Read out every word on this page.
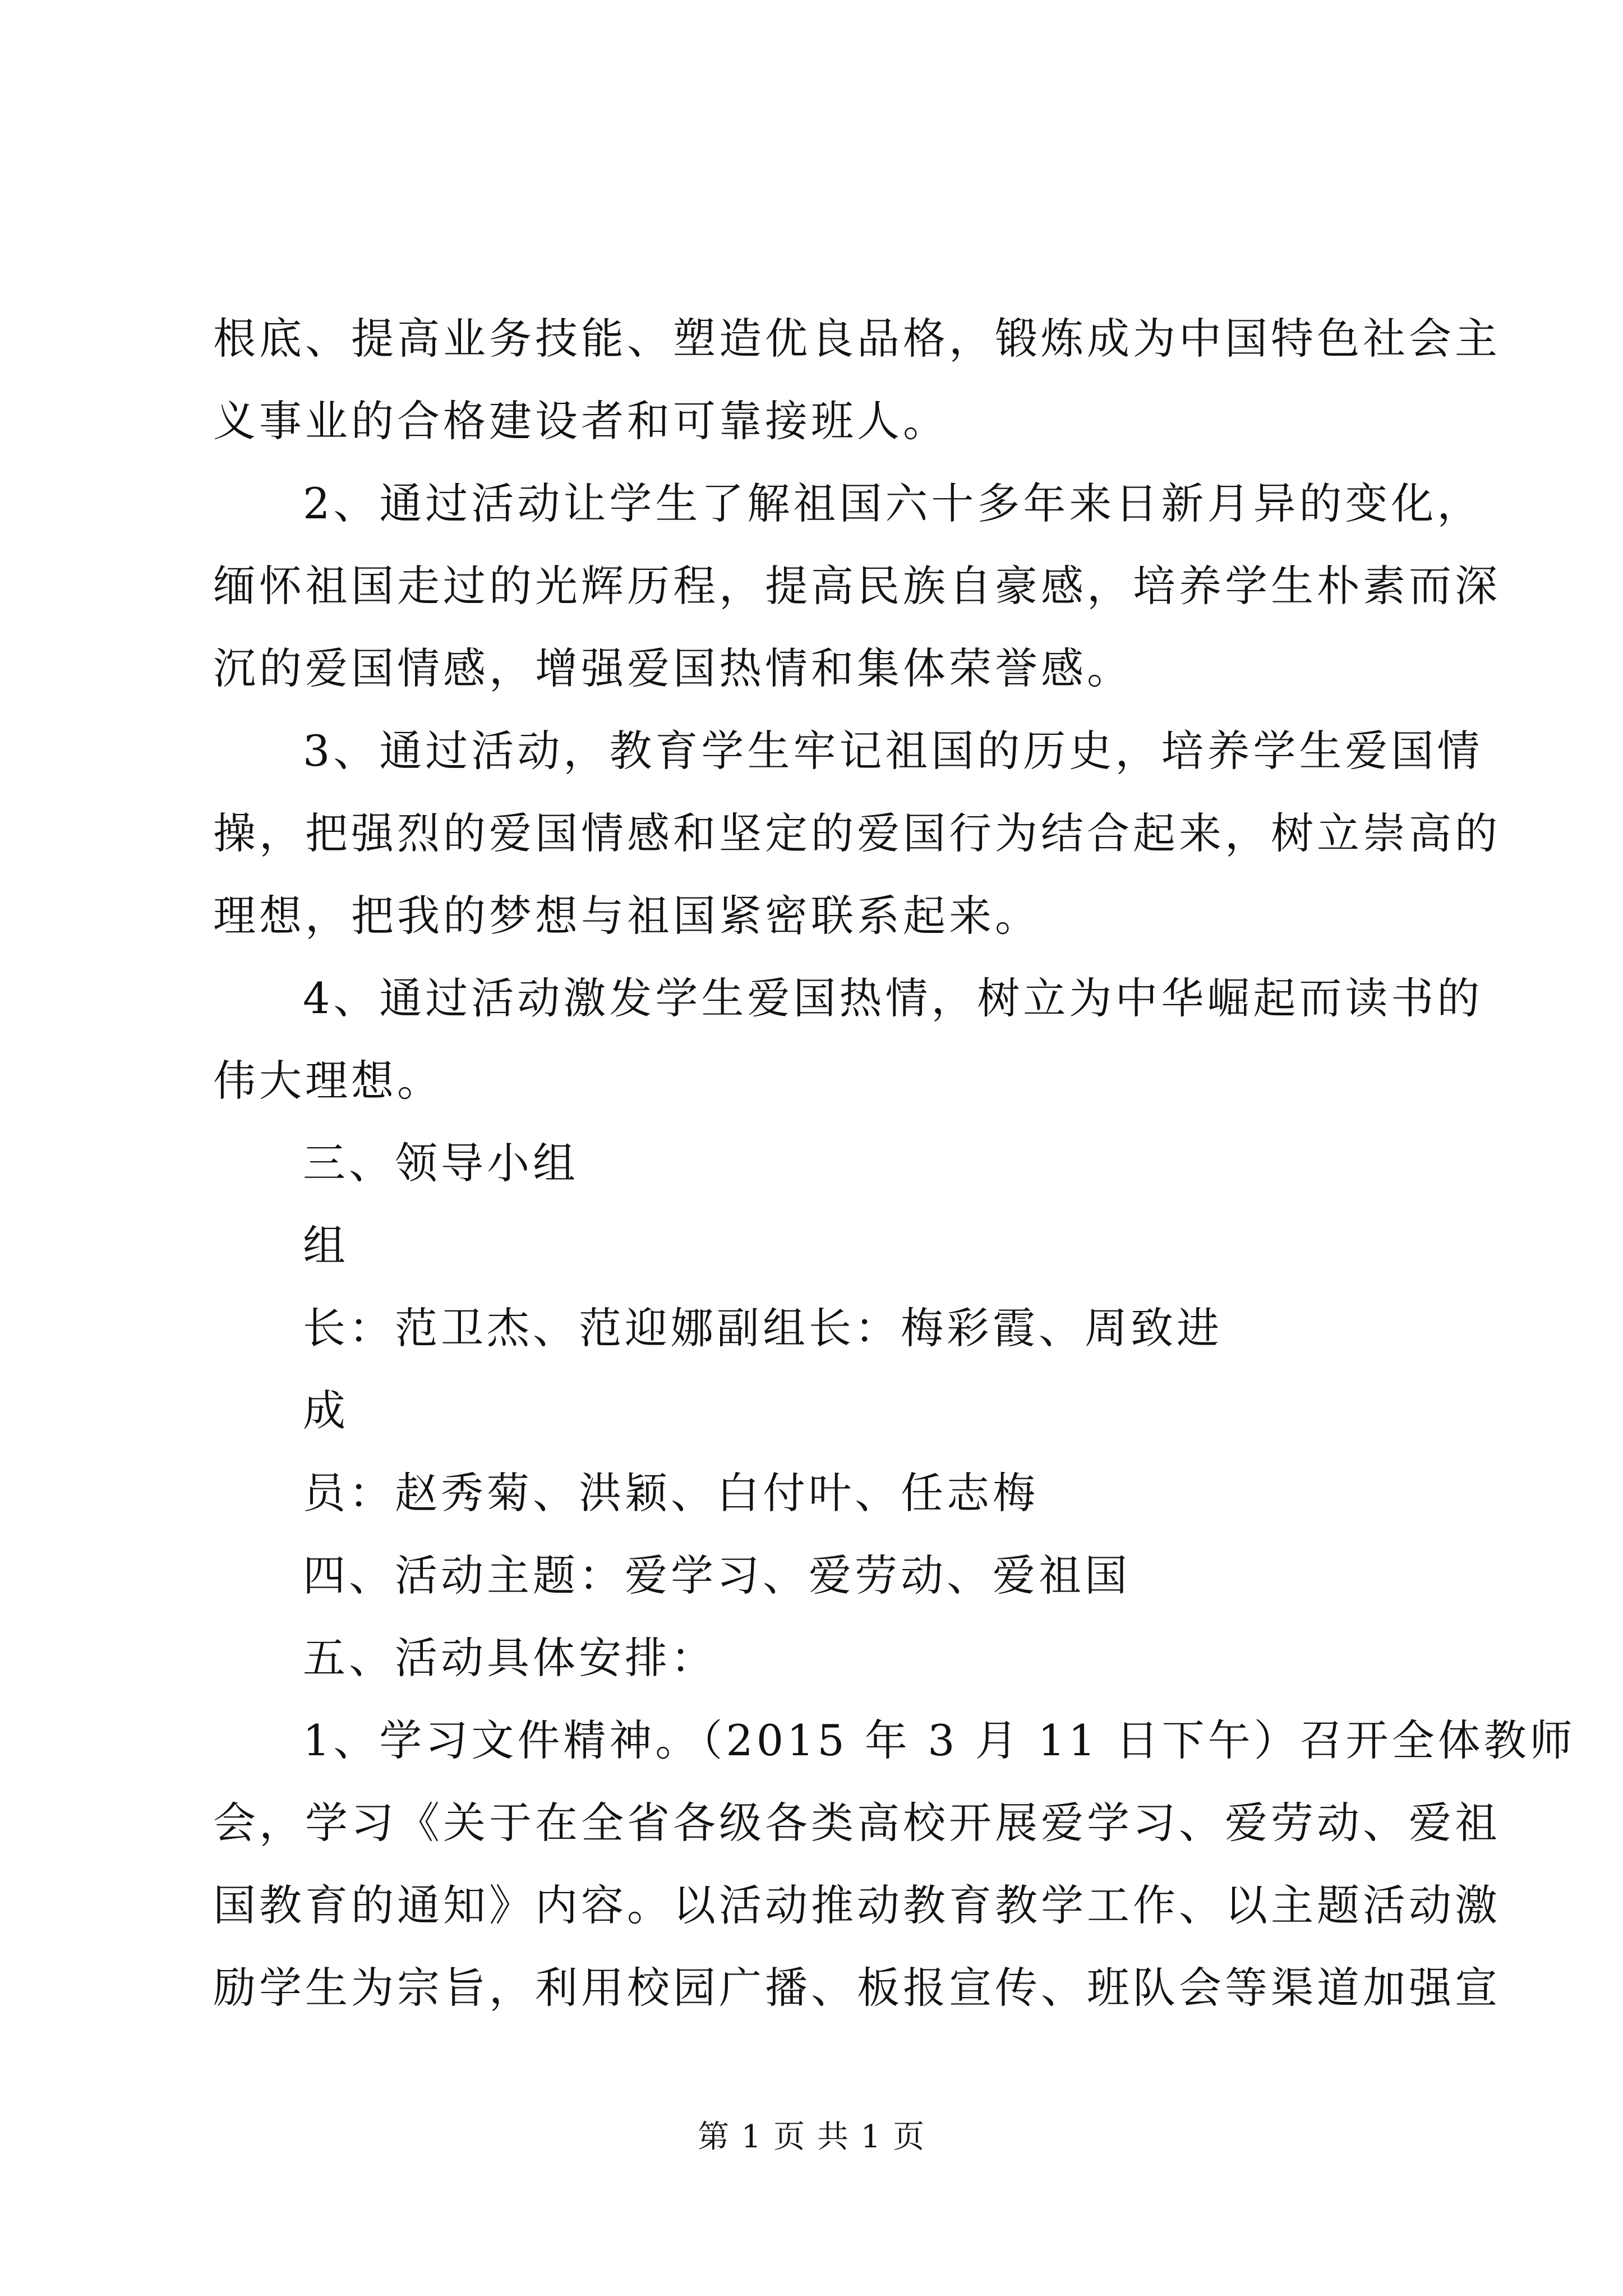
根底、提高业务技能、塑造优良品格，锻炼成为中国特色社会主
义事业的合格建设者和可靠接班人。
2、通过活动让学生了解祖国六十多年来日新月异的变化，
缅怀祖国走过的光辉历程，提高民族自豪感，培养学生朴素而深
沉的爱国情感，增强爱国热情和集体荣誉感。
3、通过活动，教育学生牢记祖国的历史，培养学生爱国情
操，把强烈的爱国情感和坚定的爱国行为结合起来，树立崇高的
理想，把我的梦想与祖国紧密联系起来。
4、通过活动激发学生爱国热情，树立为中华崛起而读书的
伟大理想。
三、领导小组
组
长：范卫杰、范迎娜副组长：梅彩霞、周致进
成
员：赵秀菊、洪颖、白付叶、任志梅
四、活动主题：爱学习、爱劳动、爱祖国
五、活动具体安排：
1、学习文件精神。（2015 年 3 月 11 日下午）召开全体教师
会，学习《关于在全省各级各类高校开展爱学习、爱劳动、爱祖
国教育的通知》内容。以活动推动教育教学工作、以主题活动激
励学生为宗旨，利用校园广播、板报宣传、班队会等渠道加强宣
第 1 页 共 1 页
